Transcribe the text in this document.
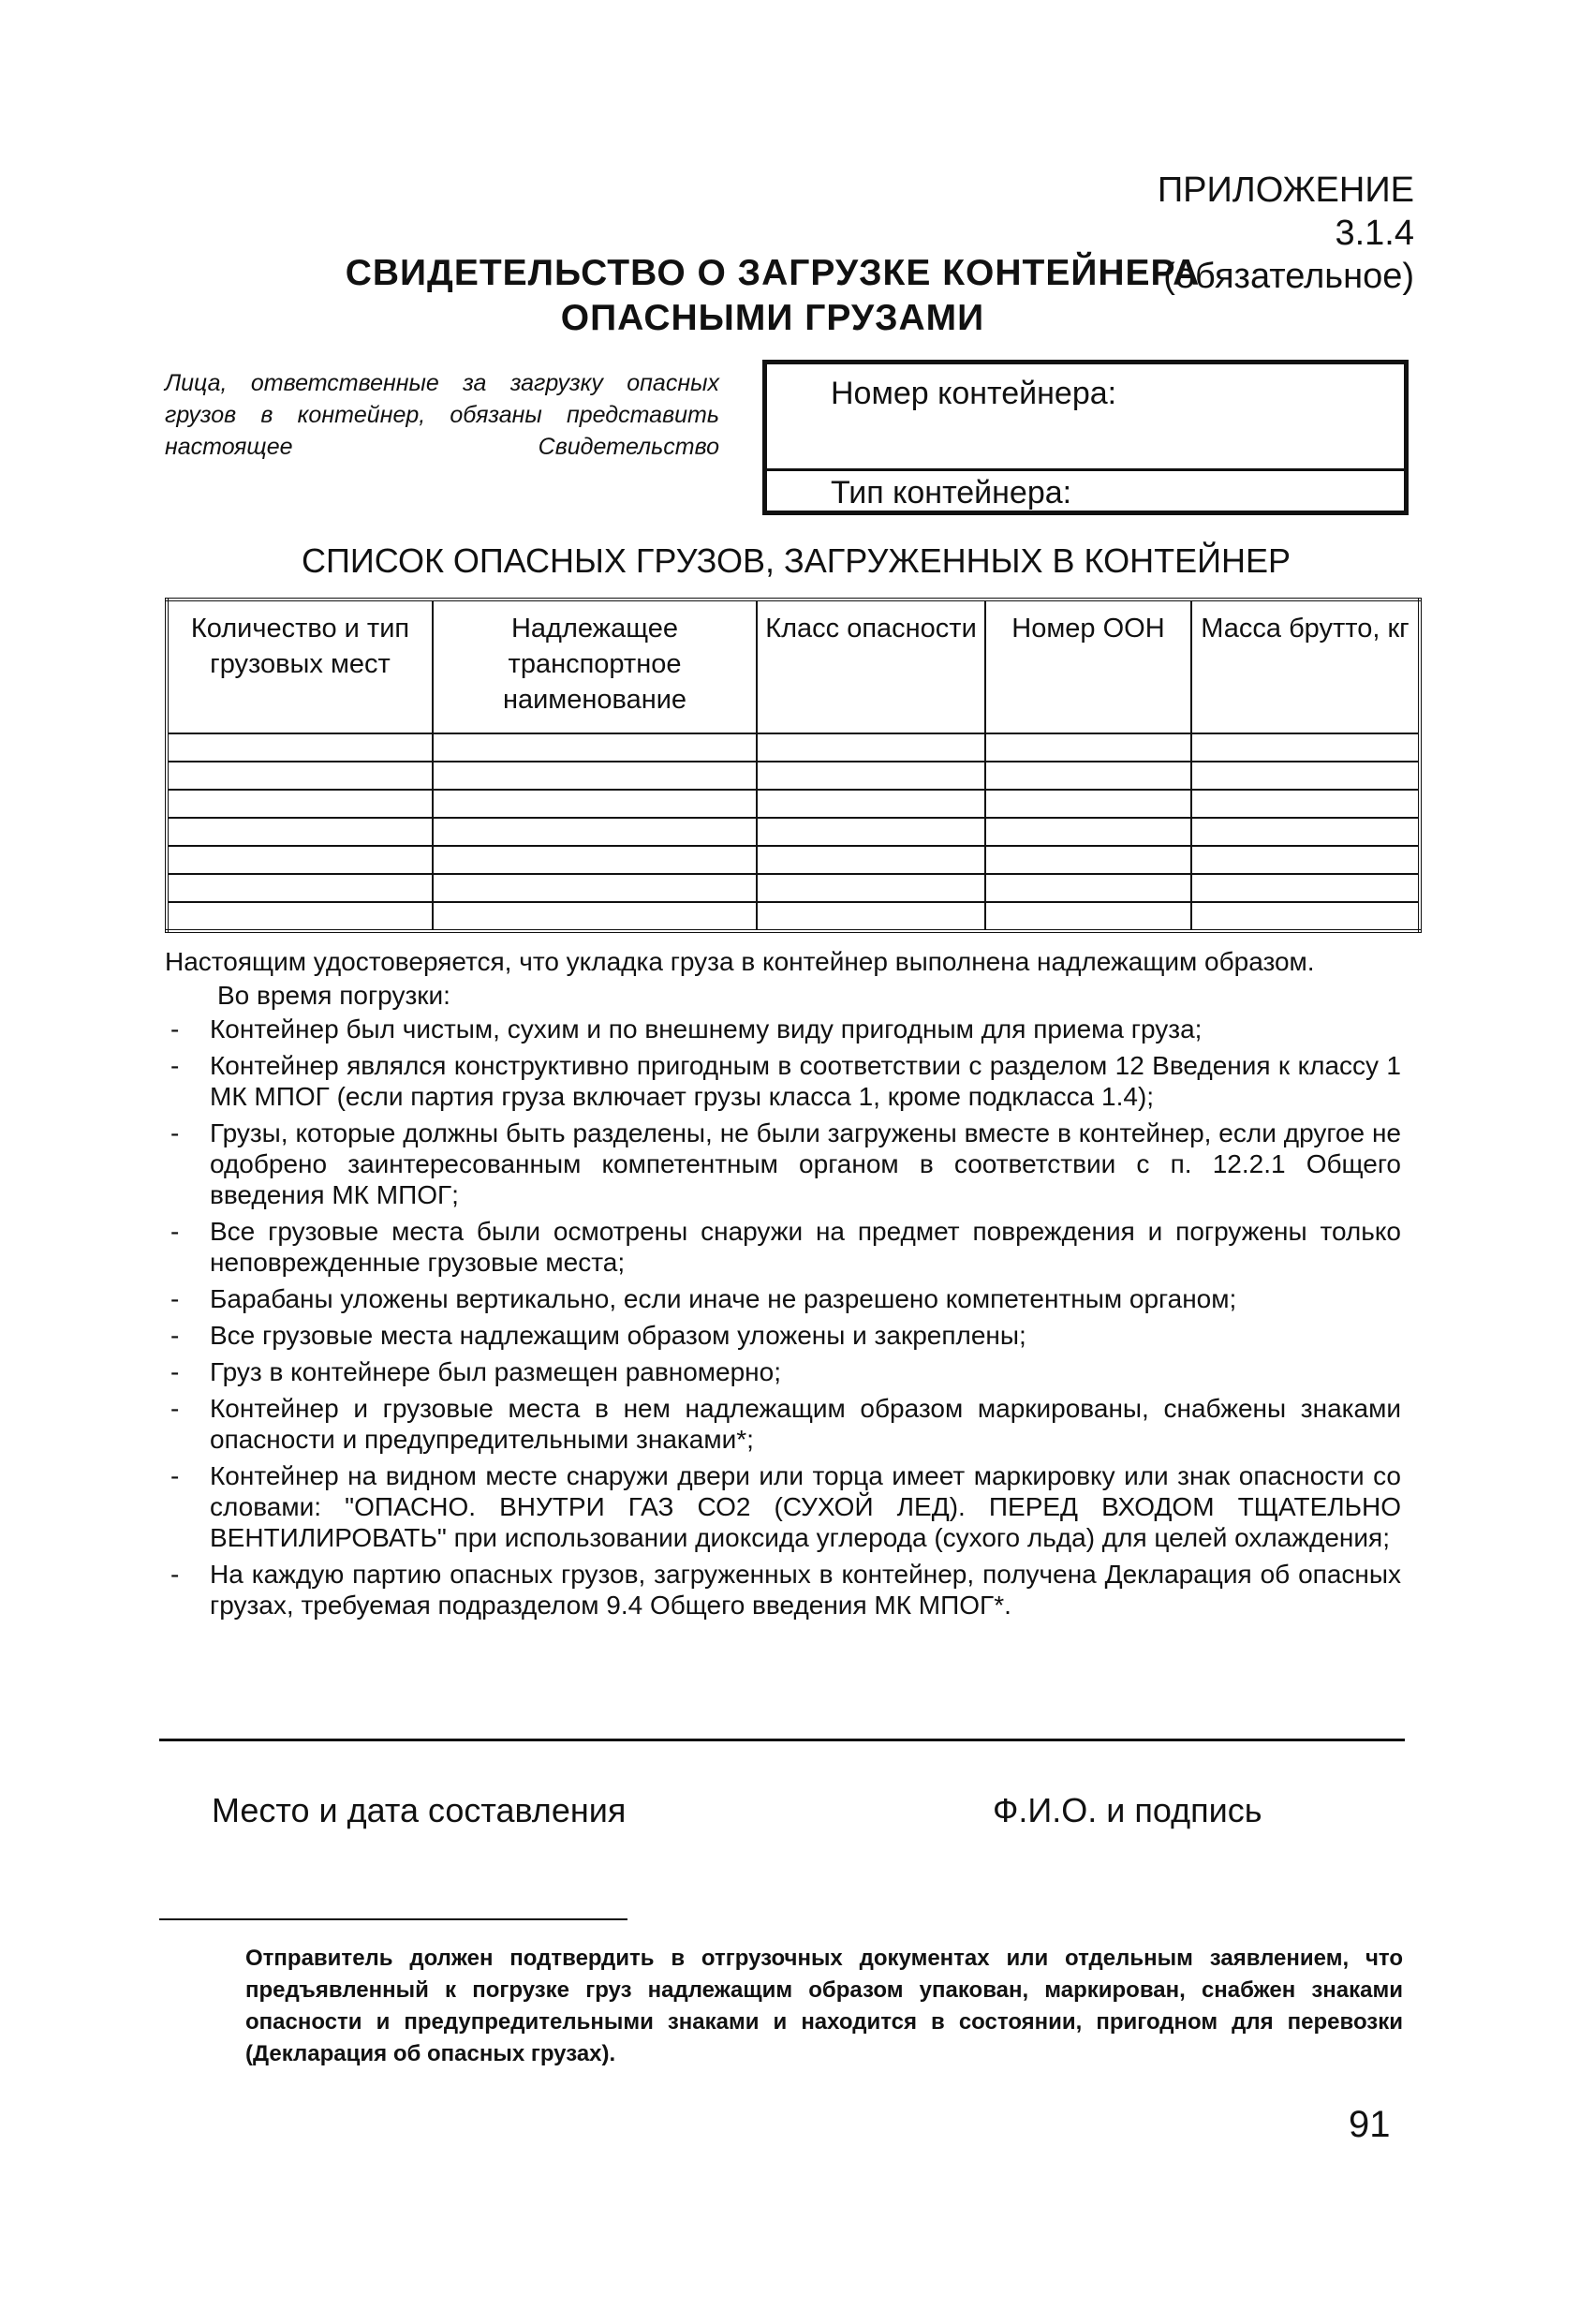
ПРИЛОЖЕНИЕ 3.1.4
(обязательное)
СВИДЕТЕЛЬСТВО О ЗАГРУЗКЕ КОНТЕЙНЕРА
ОПАСНЫМИ ГРУЗАМИ
Лица, ответственные за загрузку опасных грузов в контейнер, обязаны представить настоящее Свидетельство
Номер контейнера:
Тип контейнера:
СПИСОК ОПАСНЫХ ГРУЗОВ, ЗАГРУЖЕННЫХ В КОНТЕЙНЕР
Количество и тип грузовых мест	Надлежащее транспортное наименование	Класс опасности	Номер ООН	Масса брутто, кг

Настоящим удостоверяется, что укладка груза в контейнер выполнена надлежащим образом.

Во время погрузки:

- Контейнер был чистым, сухим и по внешнему виду пригодным для приема груза;
- Контейнер являлся конструктивно пригодным в соответствии с разделом 12 Введения к классу 1 МК МПОГ (если партия груза включает грузы класса 1, кроме подкласса 1.4);
- Грузы, которые должны быть разделены, не были загружены вместе в контейнер, если другое не одобрено заинтересованным компетентным органом в соответствии с п. 12.2.1 Общего введения МК МПОГ;
- Все грузовые места были осмотрены снаружи на предмет повреждения и погружены только неповрежденные грузовые места;
- Барабаны уложены вертикально, если иначе не разрешено компетентным органом;
- Все грузовые места надлежащим образом уложены и закреплены;
- Груз в контейнере был размещен равномерно;
- Контейнер и грузовые места в нем надлежащим образом маркированы, снабжены знаками опасности и предупредительными знаками*;
- Контейнер на видном месте снаружи двери или торца имеет маркировку или знак опасности со словами: "ОПАСНО. ВНУТРИ ГАЗ СО2 (СУХОЙ ЛЕД). ПЕРЕД ВХОДОМ ТЩАТЕЛЬНО ВЕНТИЛИРОВАТЬ" при использовании диоксида углерода (сухого льда) для целей охлаждения;
- На каждую партию опасных грузов, загруженных в контейнер, получена Декларация об опасных грузах, требуемая подразделом 9.4 Общего введения МК МПОГ*.
Место и дата составления	Ф.И.О. и подпись
Отправитель должен подтвердить в отгрузочных документах или отдельным заявлением, что предъявленный к погрузке груз надлежащим образом упакован, маркирован, снабжен знаками опасности и предупредительными знаками и находится в состоянии, пригодном для перевозки (Декларация об опасных грузах).
91
